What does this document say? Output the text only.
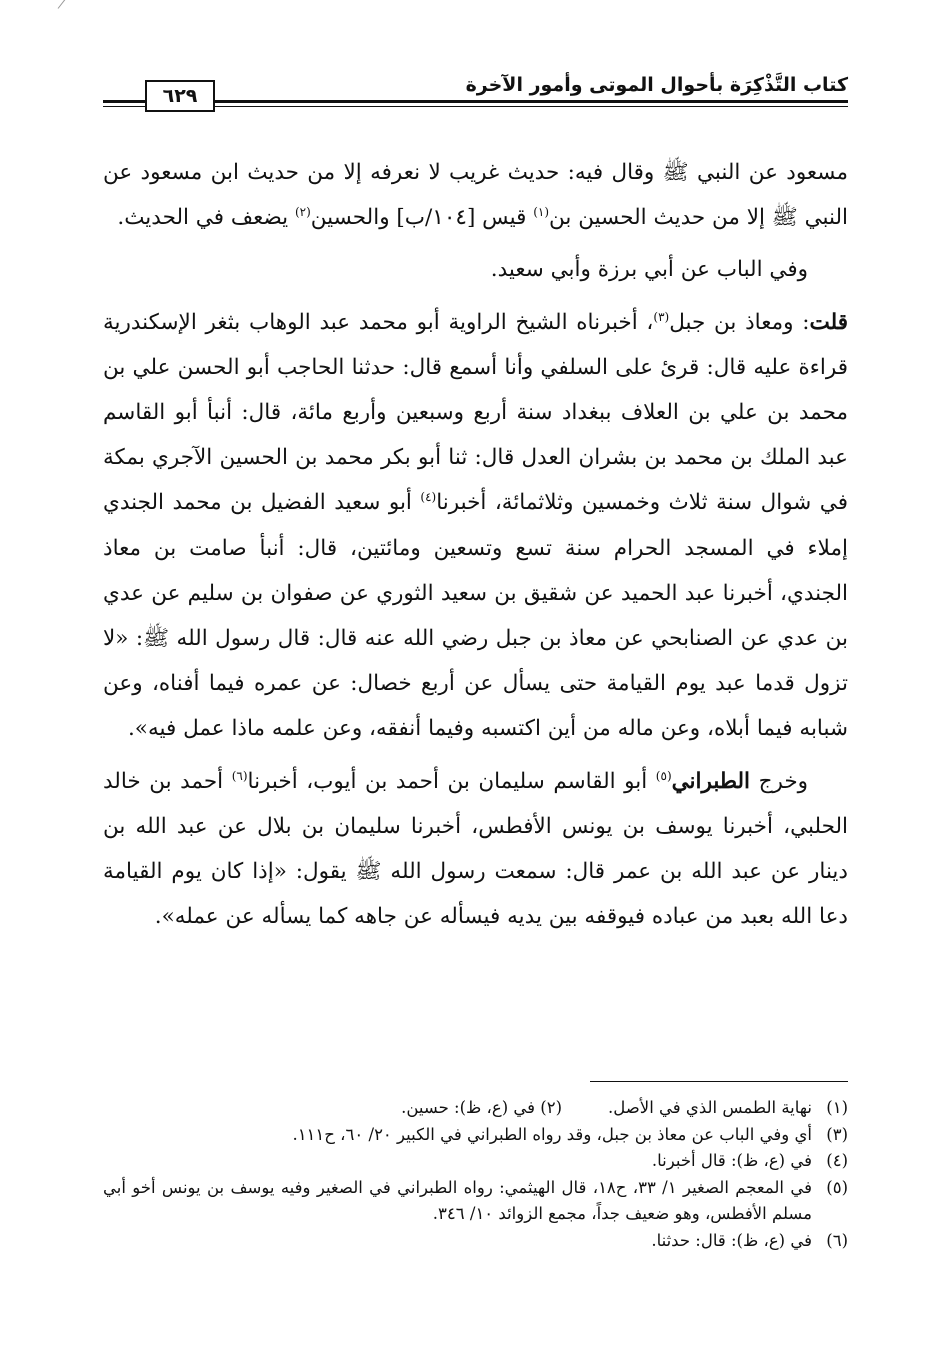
كتاب التَّذْكِرَة بأحوال الموتى وأمور الآخرة
٦٢٩

مسعود عن النبي ﷺ وقال فيه: حديث غريب لا نعرفه إلا من حديث ابن مسعود عن النبي ﷺ إلا من حديث الحسين بن$^{(١)}$ قيس [١٠٤/ب] والحسين$^{(٢)}$ يضعف في الحديث.

وفي الباب عن أبي برزة وأبي سعيد.

قلت: ومعاذ بن جبل$^{(٣)}$، أخبرناه الشيخ الراوية أبو محمد عبد الوهاب بثغر الإسكندرية قراءة عليه قال: قرئ على السلفي وأنا أسمع قال: حدثنا الحاجب أبو الحسن علي بن محمد بن علي بن العلاف ببغداد سنة أربع وسبعين وأربع مائة، قال: أنبأ أبو القاسم عبد الملك بن محمد بن بشران العدل قال: ثنا أبو بكر محمد بن الحسين الآجري بمكة في شوال سنة ثلاث وخمسين وثلاثمائة، أخبرنا$^{(٤)}$ أبو سعيد الفضيل بن محمد الجندي إملاء في المسجد الحرام سنة تسع وتسعين ومائتين، قال: أنبأ صامت بن معاذ الجندي، أخبرنا عبد الحميد عن شقيق بن سعيد الثوري عن صفوان بن سليم عن عدي بن عدي عن الصنابحي عن معاذ بن جبل رضي الله عنه قال: قال رسول الله ﷺ: «لا تزول قدما عبد يوم القيامة حتى يسأل عن أربع خصال: عن عمره فيما أفناه، وعن شبابه فيما أبلاه، وعن ماله من أين اكتسبه وفيما أنفقه، وعن علمه ماذا عمل فيه».

وخرج الطبراني$^{(٥)}$ أبو القاسم سليمان بن أحمد بن أيوب، أخبرنا$^{(٦)}$ أحمد بن خالد الحلبي، أخبرنا يوسف بن يونس الأفطس، أخبرنا سليمان بن بلال عن عبد الله بن دينار عن عبد الله بن عمر قال: سمعت رسول الله ﷺ يقول: «إذا كان يوم القيامة دعا الله بعبد من عباده فيوقفه بين يديه فيسأله عن جاهه كما يسأله عن عمله».

(١)
نهاية الطمس الذي في الأصل.(٢) في (ع، ظ): حسين.
(٣)
أي وفي الباب عن معاذ بن جبل، وقد رواه الطبراني في الكبير ٢٠/ ٦٠، ح١١١.
(٤)
في (ع، ظ): قال أخبرنا.
(٥)
في المعجم الصغير ١/ ٣٣، ح١٨، قال الهيثمي: رواه الطبراني في الصغير وفيه يوسف بن يونس أخو أبي مسلم الأفطس، وهو ضعيف جداً، مجمع الزوائد ١٠/ ٣٤٦.
(٦)
في (ع، ظ): قال: حدثنا.
